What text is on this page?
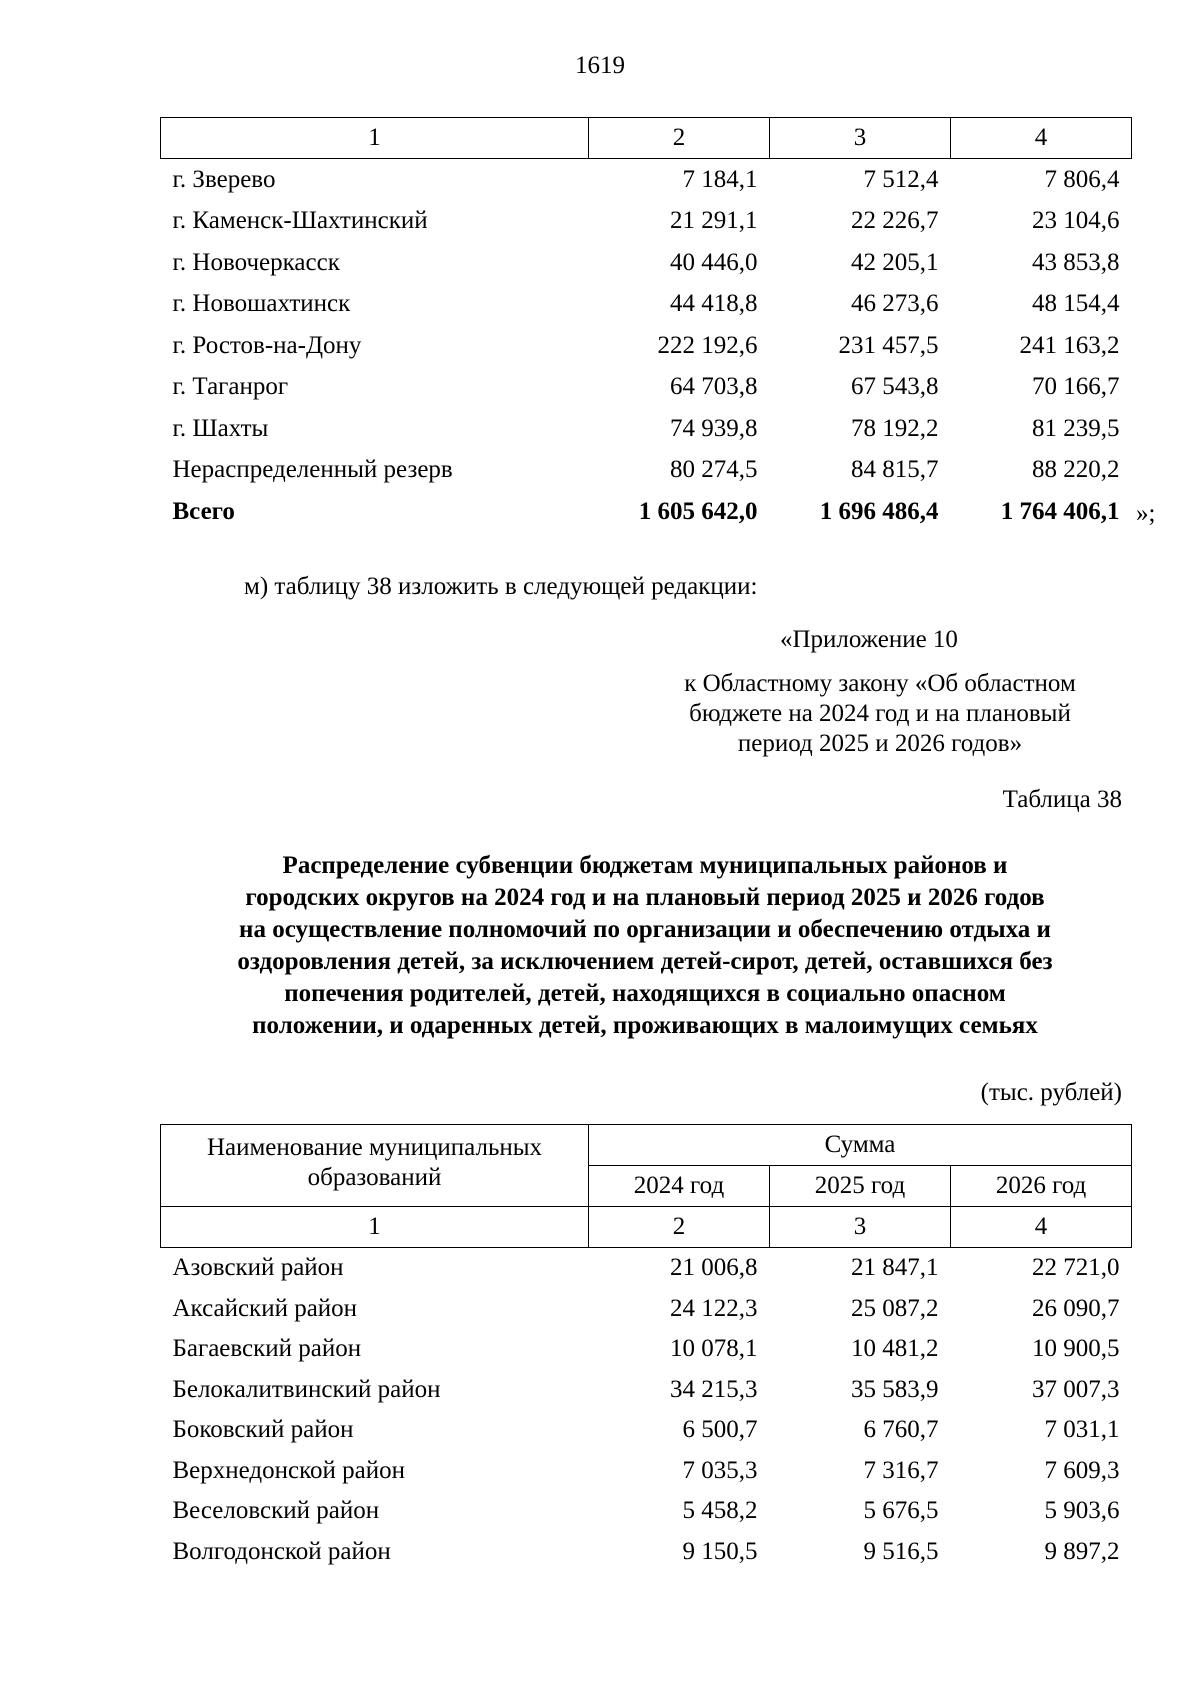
1619
1	2	3	4
г. Зверево	7 184,1	7 512,4	7 806,4
г. Каменск-Шахтинский	21 291,1	22 226,7	23 104,6
г. Новочеркасск	40 446,0	42 205,1	43 853,8
г. Новошахтинск	44 418,8	46 273,6	48 154,4
г. Ростов-на-Дону	222 192,6	231 457,5	241 163,2
г. Таганрог	64 703,8	67 543,8	70 166,7
г. Шахты	74 939,8	78 192,2	81 239,5
Нераспределенный резерв	80 274,5	84 815,7	88 220,2
Всего	1 605 642,0	1 696 486,4	1 764 406,1 »;
м) таблицу 38 изложить в следующей редакции:
«Приложение 10
к Областному закону «Об областном
бюджете на 2024 год и на плановый
период 2025 и 2026 годов»
Таблица 38
Распределение субвенции бюджетам муниципальных районов и
городских округов на 2024 год и на плановый период 2025 и 2026 годов
на осуществление полномочий по организации и обеспечению отдыха и
оздоровления детей, за исключением детей-сирот, детей, оставшихся без
попечения родителей, детей, находящихся в социально опасном
положении, и одаренных детей, проживающих в малоимущих семьях
(тыс. рублей)
Наименование муниципальных
образований	Сумма		
	2024 год	2025 год	2026 год
1	2	3	4
Азовский район	21 006,8	21 847,1	22 721,0
Аксайский район	24 122,3	25 087,2	26 090,7
Багаевский район	10 078,1	10 481,2	10 900,5
Белокалитвинский район	34 215,3	35 583,9	37 007,3
Боковский район	6 500,7	6 760,7	7 031,1
Верхнедонской район	7 035,3	7 316,7	7 609,3
Веселовский район	5 458,2	5 676,5	5 903,6
Волгодонской район	9 150,5	9 516,5	9 897,2
